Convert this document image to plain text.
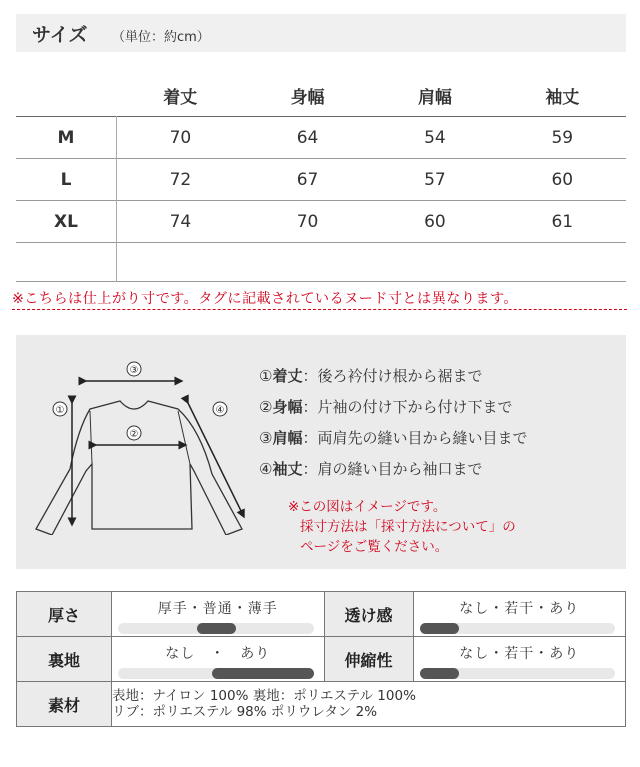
サイズ （単位：約cm）
	着丈	身幅	肩幅	袖丈
M	70	64	54	59
L	72	67	57	60
XL	74	70	60	61

※こちらは仕上がり寸です。タグに記載されているヌード寸とは異なります。
③
②
①	④
①着丈：後ろ衿付け根から裾まで
②身幅：片袖の付け下から付け下まで
③肩幅：両肩先の縫い目から縫い目まで
④袖丈：肩の縫い目から袖口まで
※この図はイメージです。
採寸方法は「採寸方法について」の
ページをご覧ください。
厚さ	厚手・普通・薄手	透け感	なし・若干・あり

裏地	なし　・　あり	伸縮性	なし・若干・あり

素材	表地：ナイロン 100% 裏地：ポリエステル 100%
リブ：ポリエステル 98% ポリウレタン 2%		
